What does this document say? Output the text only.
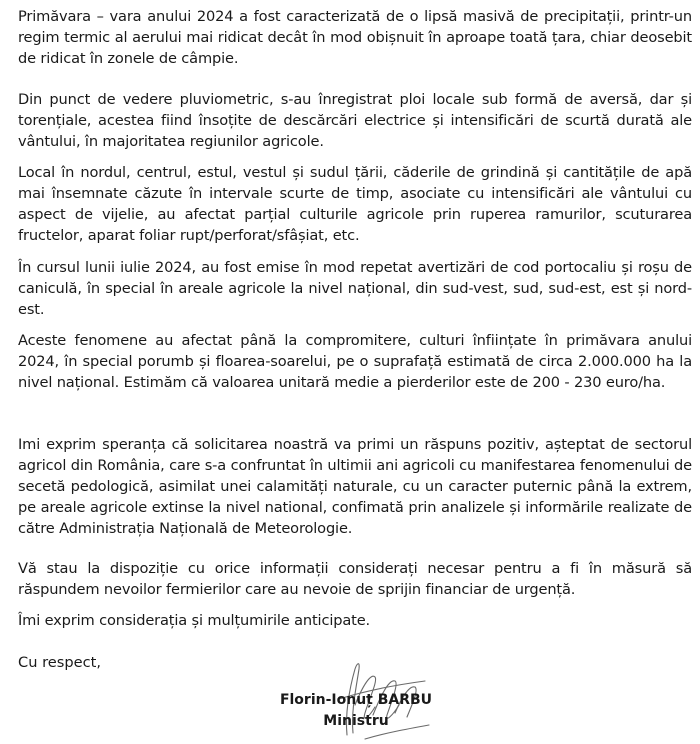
Primăvara – vara anului 2024 a fost caracterizată de o lipsă masivă de precipitații, printr-un regim termic al aerului mai ridicat decât în mod obișnuit în aproape toată țara, chiar deosebit de ridicat în zonele de câmpie.

Din punct de vedere pluviometric, s-au înregistrat ploi locale sub formă de aversă, dar și torențiale, acestea fiind însoțite de descărcări electrice și intensificări de scurtă durată ale vântului, în majoritatea regiunilor agricole.

Local în nordul, centrul, estul, vestul și sudul țării, căderile de grindină și cantitățile de apă mai însemnate căzute în intervale scurte de timp, asociate cu intensificări ale vântului cu aspect de vijelie, au afectat parțial culturile agricole prin ruperea ramurilor, scuturarea fructelor, aparat foliar rupt/perforat/sfâșiat, etc.

În cursul lunii iulie 2024, au fost emise în mod repetat avertizări de cod portocaliu și roșu de caniculă, în special în areale agricole la nivel național, din sud-vest, sud, sud-est, est și nord-est.

Aceste fenomene au afectat până la compromitere, culturi înființate în primăvara anului 2024, în special porumb și floarea-soarelui, pe o suprafață estimată de circa 2.000.000 ha la nivel național. Estimăm că valoarea unitară medie a pierderilor este de 200 - 230 euro/ha.

Imi exprim speranța că solicitarea noastră va primi un răspuns pozitiv, așteptat de sectorul agricol din România, care s-a confruntat în ultimii ani agricoli cu manifestarea fenomenului de secetă pedologică, asimilat unei calamități naturale, cu un caracter puternic până la extrem, pe areale agricole extinse la nivel national, confimată prin analizele și informările realizate de către Administrația Națională de Meteorologie.

Vă stau la dispoziție cu orice informații considerați necesar pentru a fi în măsură să răspundem nevoilor fermierilor care au nevoie de sprijin financiar de urgență.

Îmi exprim considerația și mulțumirile anticipate.

Cu respect,

Florin-Ionuț BARBU
Ministru
